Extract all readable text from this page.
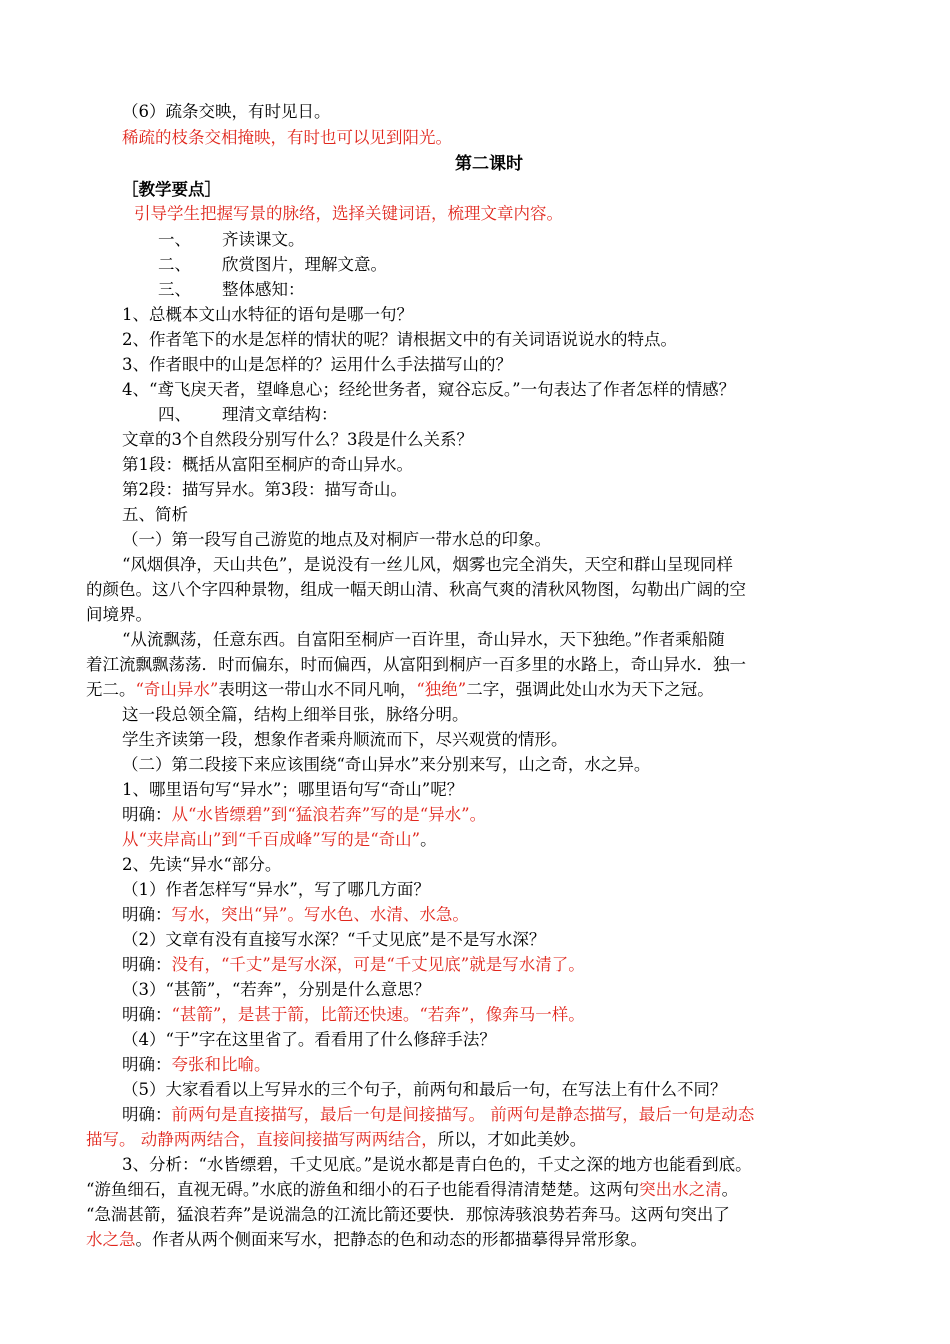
（6）疏条交映，有时见日。
稀疏的枝条交相掩映，有时也可以见到阳光。
第二课时
［教学要点］
引导学生把握写景的脉络，选择关键词语，梳理文章内容。
一、 齐读课文。
二、 欣赏图片，理解文意。
三、 整体感知：
1、总概本文山水特征的语句是哪一句？
2、作者笔下的水是怎样的情状的呢？请根据文中的有关词语说说水的特点。
3、作者眼中的山是怎样的？运用什么手法描写山的？
4、“鸢飞戾天者，望峰息心；经纶世务者，窥谷忘反。”一句表达了作者怎样的情感？
四、 理清文章结构：
文章的3个自然段分别写什么？3段是什么关系？
第1段：概括从富阳至桐庐的奇山异水。
第2段：描写异水。第3段：描写奇山。
五、简析
（一）第一段写自己游览的地点及对桐庐一带水总的印象。
“风烟俱净，天山共色”，是说没有一丝儿风，烟雾也完全消失，天空和群山呈现同样
的颜色。这八个字四种景物，组成一幅天朗山清、秋高气爽的清秋风物图，勾勒出广阔的空
间境界。
“从流飘荡，任意东西。自富阳至桐庐一百许里，奇山异水，天下独绝。”作者乘船随
着江流飘飘荡荡．时而偏东，时而偏西，从富阳到桐庐一百多里的水路上，奇山异水．独一
无二。“奇山异水”表明这一带山水不同凡响，“独绝”二字，强调此处山水为天下之冠。
这一段总领全篇，结构上细举目张，脉络分明。
学生齐读第一段，想象作者乘舟顺流而下，尽兴观赏的情形。
（二）第二段接下来应该围绕“奇山异水”来分别来写，山之奇，水之异。
1、哪里语句写“异水”；哪里语句写“奇山”呢？
明确：从“水皆缥碧”到“猛浪若奔”写的是“异水”。
从“夹岸高山”到“千百成峰”写的是“奇山”。
2、先读“异水“部分。
（1）作者怎样写“异水”，写了哪几方面？
明确：写水，突出“异”。写水色、水清、水急。
（2）文章有没有直接写水深？“千丈见底”是不是写水深？
明确：没有，“千丈”是写水深，可是“千丈见底”就是写水清了。
（3）“甚箭”，“若奔”，分别是什么意思？
明确：“甚箭”，是甚于箭，比箭还快速。“若奔”，像奔马一样。
（4）“于”字在这里省了。看看用了什么修辞手法？
明确：夸张和比喻。
（5）大家看看以上写异水的三个句子，前两句和最后一句，在写法上有什么不同？
明确：前两句是直接描写，最后一句是间接描写。 前两句是静态描写，最后一句是动态
描写。 动静两两结合，直接间接描写两两结合，所以，才如此美妙。
3、分析：“水皆缥碧，千丈见底。”是说水都是青白色的，千丈之深的地方也能看到底。
“游鱼细石，直视无碍。”水底的游鱼和细小的石子也能看得清清楚楚。这两句突出水之清。
“急湍甚箭，猛浪若奔”是说湍急的江流比箭还要快．那惊涛骇浪势若奔马。这两句突出了
水之急。作者从两个侧面来写水，把静态的色和动态的形都描摹得异常形象。
